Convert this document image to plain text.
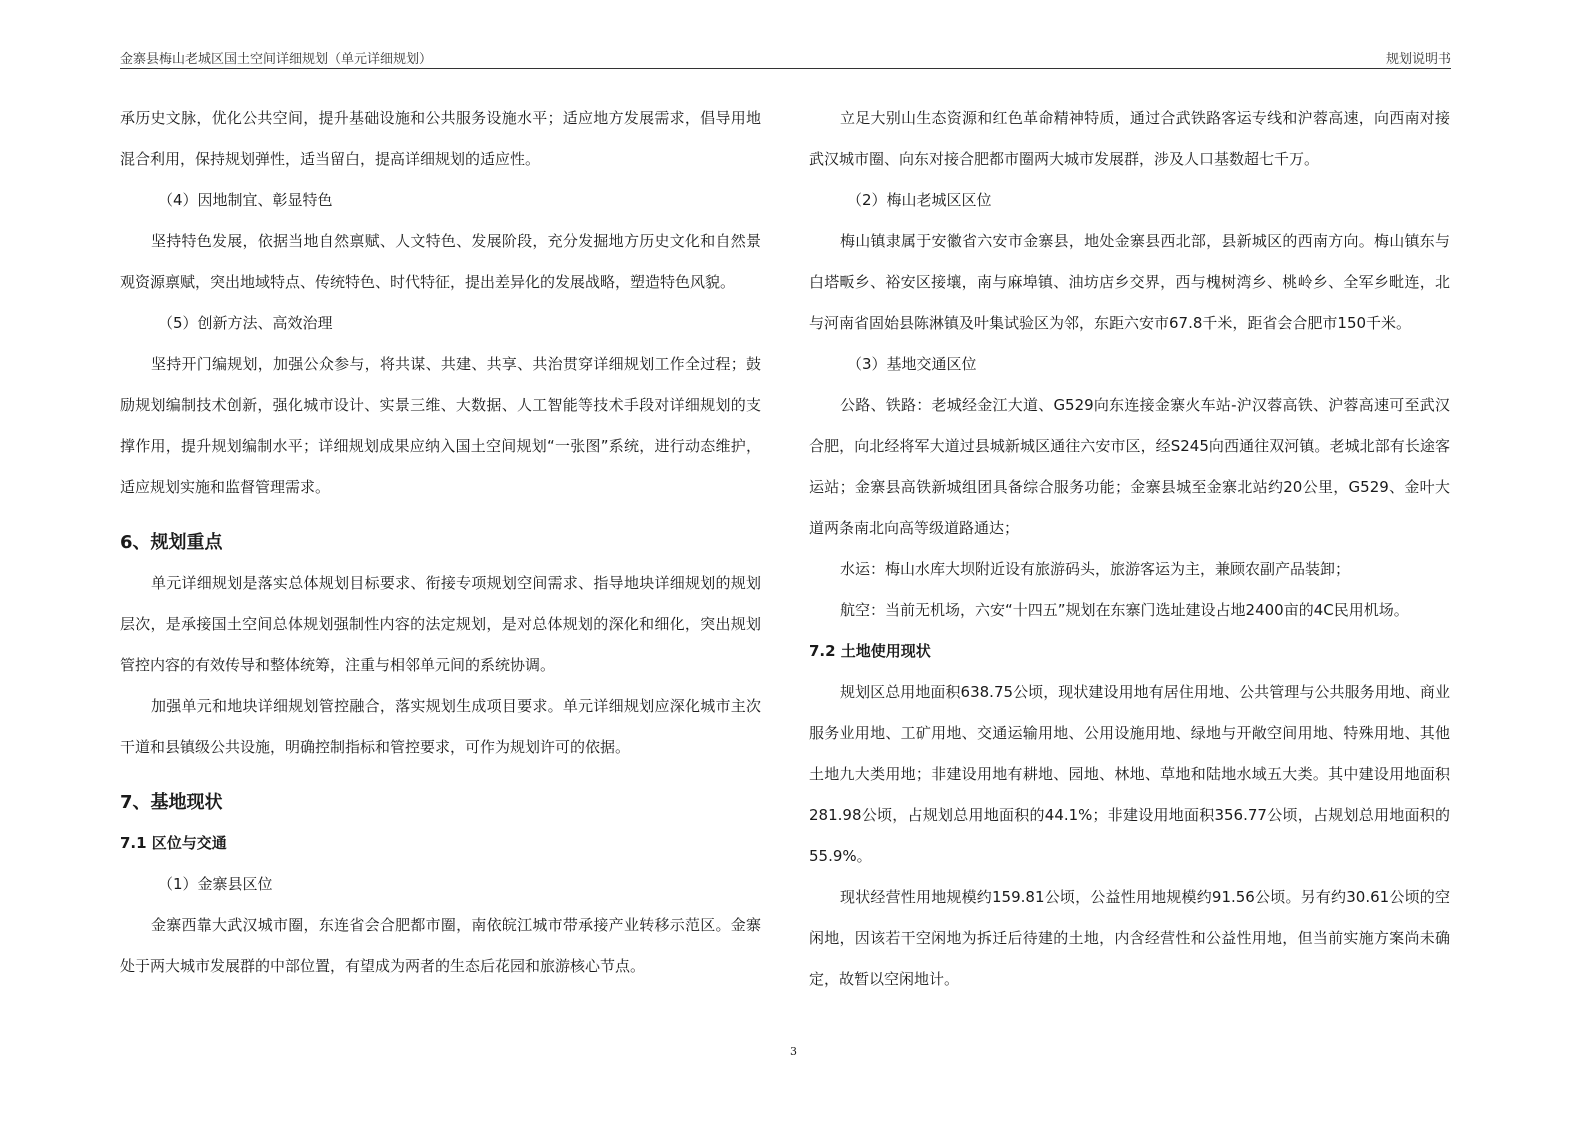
金寨县梅山老城区国土空间详细规划（单元详细规划）	规划说明书

承历史文脉，优化公共空间，提升基础设施和公共服务设施水平；适应地方发展需求，倡导用地混合利用，保持规划弹性，适当留白，提高详细规划的适应性。

（4）因地制宜、彰显特色

坚持特色发展，依据当地自然禀赋、人文特色、发展阶段，充分发掘地方历史文化和自然景观资源禀赋，突出地域特点、传统特色、时代特征，提出差异化的发展战略，塑造特色风貌。

（5）创新方法、高效治理

坚持开门编规划，加强公众参与，将共谋、共建、共享、共治贯穿详细规划工作全过程；鼓励规划编制技术创新，强化城市设计、实景三维、大数据、人工智能等技术手段对详细规划的支撑作用，提升规划编制水平；详细规划成果应纳入国土空间规划“一张图”系统，进行动态维护，适应规划实施和监督管理需求。

6、规划重点

单元详细规划是落实总体规划目标要求、衔接专项规划空间需求、指导地块详细规划的规划层次，是承接国土空间总体规划强制性内容的法定规划，是对总体规划的深化和细化，突出规划管控内容的有效传导和整体统筹，注重与相邻单元间的系统协调。

加强单元和地块详细规划管控融合，落实规划生成项目要求。单元详细规划应深化城市主次干道和县镇级公共设施，明确控制指标和管控要求，可作为规划许可的依据。

7、基地现状
7.1 区位与交通

（1）金寨县区位

金寨西靠大武汉城市圈，东连省会合肥都市圈，南依皖江城市带承接产业转移示范区。金寨处于两大城市发展群的中部位置，有望成为两者的生态后花园和旅游核心节点。

立足大别山生态资源和红色革命精神特质，通过合武铁路客运专线和沪蓉高速，向西南对接武汉城市圈、向东对接合肥都市圈两大城市发展群，涉及人口基数超七千万。

（2）梅山老城区区位

梅山镇隶属于安徽省六安市金寨县，地处金寨县西北部，县新城区的西南方向。梅山镇东与白塔畈乡、裕安区接壤，南与麻埠镇、油坊店乡交界，西与槐树湾乡、桃岭乡、全军乡毗连，北与河南省固始县陈淋镇及叶集试验区为邻，东距六安市67.8千米，距省会合肥市150千米。

（3）基地交通区位

公路、铁路：老城经金江大道、G529向东连接金寨火车站-沪汉蓉高铁、沪蓉高速可至武汉合肥，向北经将军大道过县城新城区通往六安市区，经S245向西通往双河镇。老城北部有长途客运站；金寨县高铁新城组团具备综合服务功能；金寨县城至金寨北站约20公里，G529、金叶大道两条南北向高等级道路通达；

水运：梅山水库大坝附近设有旅游码头，旅游客运为主，兼顾农副产品装卸；

航空：当前无机场，六安“十四五”规划在东寨门选址建设占地2400亩的4C民用机场。

7.2 土地使用现状

规划区总用地面积638.75公顷，现状建设用地有居住用地、公共管理与公共服务用地、商业服务业用地、工矿用地、交通运输用地、公用设施用地、绿地与开敞空间用地、特殊用地、其他土地九大类用地；非建设用地有耕地、园地、林地、草地和陆地水域五大类。其中建设用地面积281.98公顷，占规划总用地面积的44.1%；非建设用地面积356.77公顷，占规划总用地面积的55.9%。

现状经营性用地规模约159.81公顷，公益性用地规模约91.56公顷。另有约30.61公顷的空闲地，因该若干空闲地为拆迁后待建的土地，内含经营性和公益性用地，但当前实施方案尚未确定，故暂以空闲地计。

3
